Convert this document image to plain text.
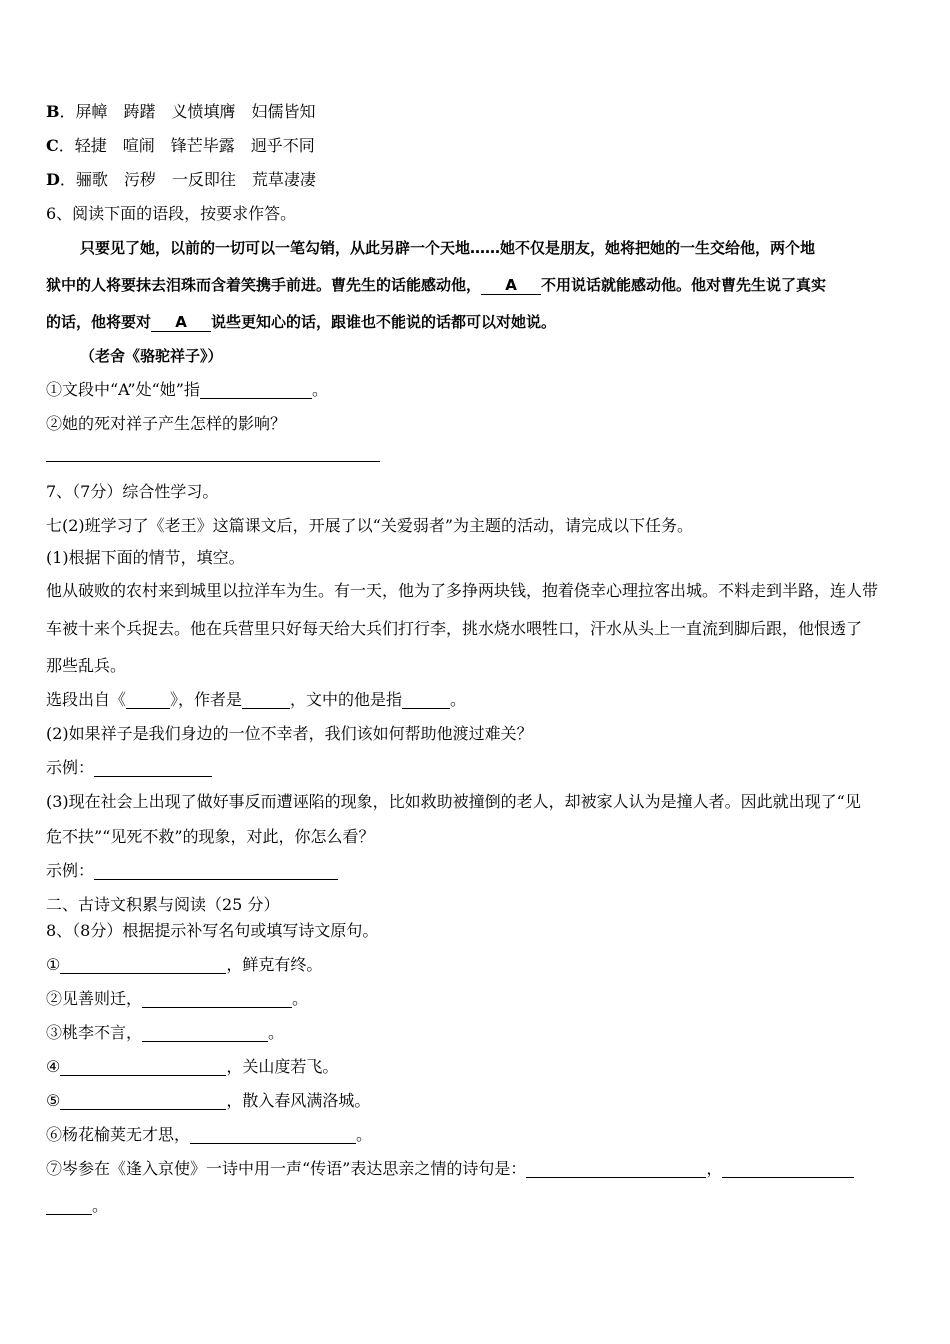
B．屏幛　踌躇　义愤填膺　妇儒皆知
C．轻捷　喧闹　锋芒毕露　迥乎不同
D．骊歌　污秽　一反即往　荒草凄凄
6、阅读下面的语段，按要求作答。
只要见了她，以前的一切可以一笔勾销，从此另辟一个天地……她不仅是朋友，她将把她的一生交给他，两个地
狱中的人将要抹去泪珠而含着笑携手前进。曹先生的话能感动他， A 不用说话就能感动他。他对曹先生说了真实
的话，他将要对 A 说些更知心的话，跟谁也不能说的话都可以对她说。
（老舍《骆驼祥子》）
①文段中“A”处“她”指	。
②她的死对祥子产生怎样的影响？
7、（7分）综合性学习。
七(2)班学习了《老王》这篇课文后，开展了以“关爱弱者”为主题的活动，请完成以下任务。
(1)根据下面的情节，填空。
他从破败的农村来到城里以拉洋车为生。有一天，他为了多挣两块钱，抱着侥幸心理拉客出城。不料走到半路，连人带
车被十来个兵捉去。他在兵营里只好每天给大兵们打行李，挑水烧水喂牲口，汗水从头上一直流到脚后跟，他恨透了
那些乱兵。
选段出自《	》，作者是	，文中的他是指	。
(2)如果祥子是我们身边的一位不幸者，我们该如何帮助他渡过难关？
示例：
(3)现在社会上出现了做好事反而遭诬陷的现象，比如救助被撞倒的老人，却被家人认为是撞人者。因此就出现了“见
危不扶”“见死不救”的现象，对此，你怎么看？
示例：
二、古诗文积累与阅读（25 分）
8、（8分）根据提示补写名句或填写诗文原句。
①	，鲜克有终。
②见善则迁，	。
③桃李不言，	。
④	，关山度若飞。
⑤	，散入春风满洛城。
⑥杨花榆荚无才思，	。
⑦岑参在《逢入京使》一诗中用一声“传语”表达思亲之情的诗句是：	，
。
